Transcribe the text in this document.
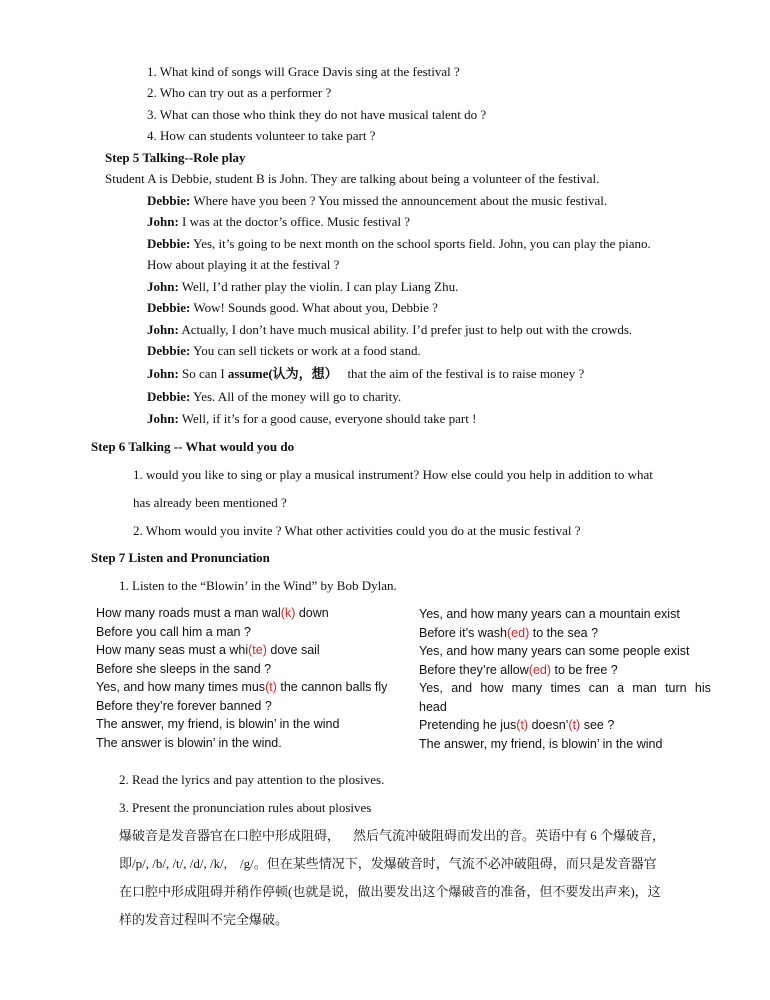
1. What kind of songs will Grace Davis sing at the festival ?
2. Who can try out as a performer ?
3. What can those who think they do not have musical talent do ?
4. How can students volunteer to take part ?
Step 5 Talking--Role play
Student A is Debbie, student B is John. They are talking about being a volunteer of the festival.
Debbie: Where have you been ? You missed the announcement about the music festival.
John: I was at the doctor’s office. Music festival ?
Debbie: Yes, it’s going to be next month on the school sports field. John, you can play the piano.
How about playing it at the festival ?
John: Well, I’d rather play the violin. I can play Liang Zhu.
Debbie: Wow! Sounds good. What about you, Debbie ?
John: Actually, I don’t have much musical ability. I’d prefer just to help out with the crowds.
Debbie: You can sell tickets or work at a food stand.
John: So can I assume(认为，想）   that the aim of the festival is to raise money ?
Debbie: Yes. All of the money will go to charity.
John: Well, if it’s for a good cause, everyone should take part !
Step 6 Talking -- What would you do
1. would you like to sing or play a musical instrument? How else could you help in addition to what
has already been mentioned ?
2. Whom would you invite ? What other activities could you do at the music festival ?
Step 7 Listen and Pronunciation
1. Listen to the “Blowin’ in the Wind” by Bob Dylan.
How many roads must a man wal(k) down
Before you call him a man ?
How many seas must a whi(te) dove sail
Before she sleeps in the sand ?
Yes, and how many times mus(t) the cannon balls fly
Before they’re forever banned ?
The answer, my friend, is blowin’ in the wind
The answer is blowin’ in the wind.
Yes, and how many years can a mountain exist
Before it’s wash(ed) to the sea ?
Yes, and how many years can some people exist
Before they’re allow(ed) to be free ?
Yes, and how many times can a man turn his
head
Pretending he jus(t) doesn’(t) see ?
The answer, my friend, is blowin’ in the wind
2. Read the lyrics and pay attention to the plosives.
3. Present the pronunciation rules about plosives
爆破音是发音器官在口腔中形成阻碍，    然后气流冲破阻碍而发出的音。英语中有 6 个爆破音，
即/p/, /b/, /t/, /d/, /k/,    /g/。但在某些情况下，发爆破音时，气流不必冲破阻碍，而只是发音器官
在口腔中形成阻碍并稍作停顿(也就是说，做出要发出这个爆破音的准备，但不要发出声来)，这
样的发音过程叫不完全爆破。
